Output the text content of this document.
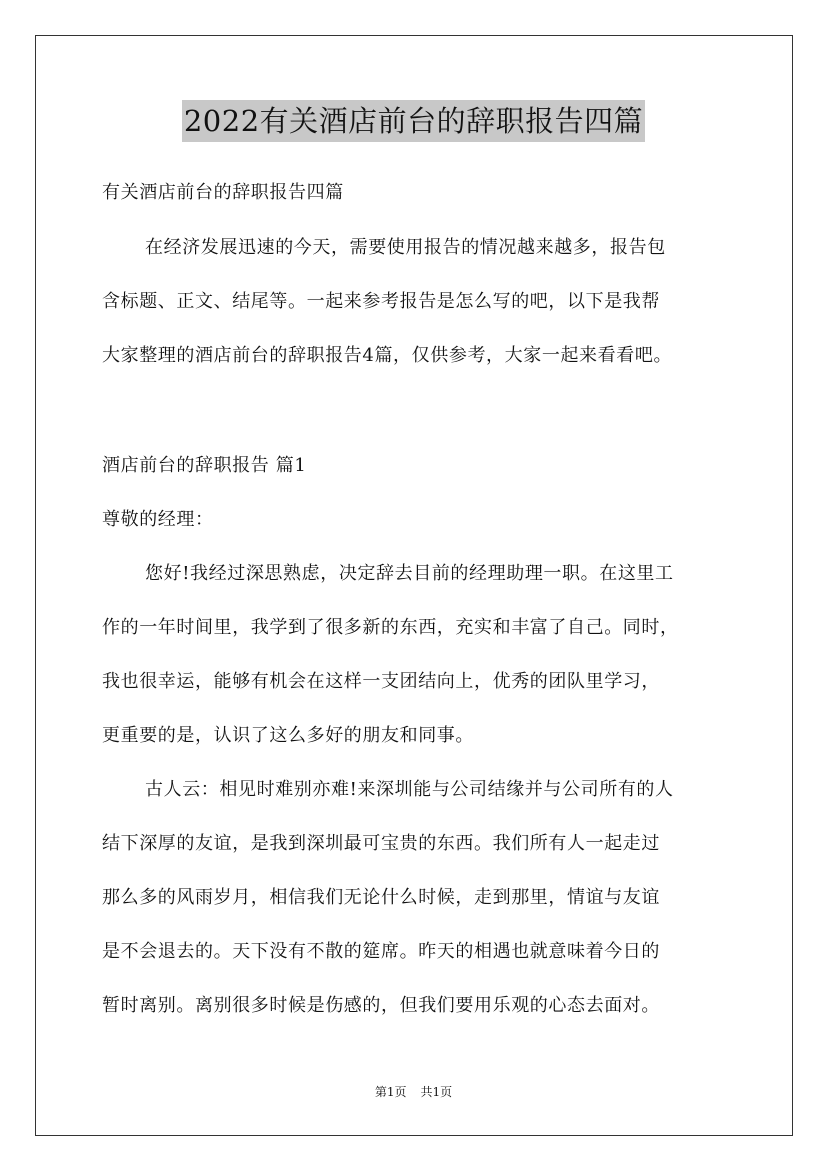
2022有关酒店前台的辞职报告四篇
有关酒店前台的辞职报告四篇
在经济发展迅速的今天，需要使用报告的情况越来越多，报告包
含标题、正文、结尾等。一起来参考报告是怎么写的吧，以下是我帮
大家整理的酒店前台的辞职报告4篇，仅供参考，大家一起来看看吧。
酒店前台的辞职报告 篇1
尊敬的经理：
您好!我经过深思熟虑，决定辞去目前的经理助理一职。在这里工
作的一年时间里，我学到了很多新的东西，充实和丰富了自己。同时，
我也很幸运，能够有机会在这样一支团结向上，优秀的团队里学习，
更重要的是，认识了这么多好的朋友和同事。
古人云：相见时难别亦难!来深圳能与公司结缘并与公司所有的人
结下深厚的友谊，是我到深圳最可宝贵的东西。我们所有人一起走过
那么多的风雨岁月，相信我们无论什么时候，走到那里，情谊与友谊
是不会退去的。天下没有不散的筵席。昨天的相遇也就意味着今日的
暂时离别。离别很多时候是伤感的，但我们要用乐观的心态去面对。
第1页 共1页
